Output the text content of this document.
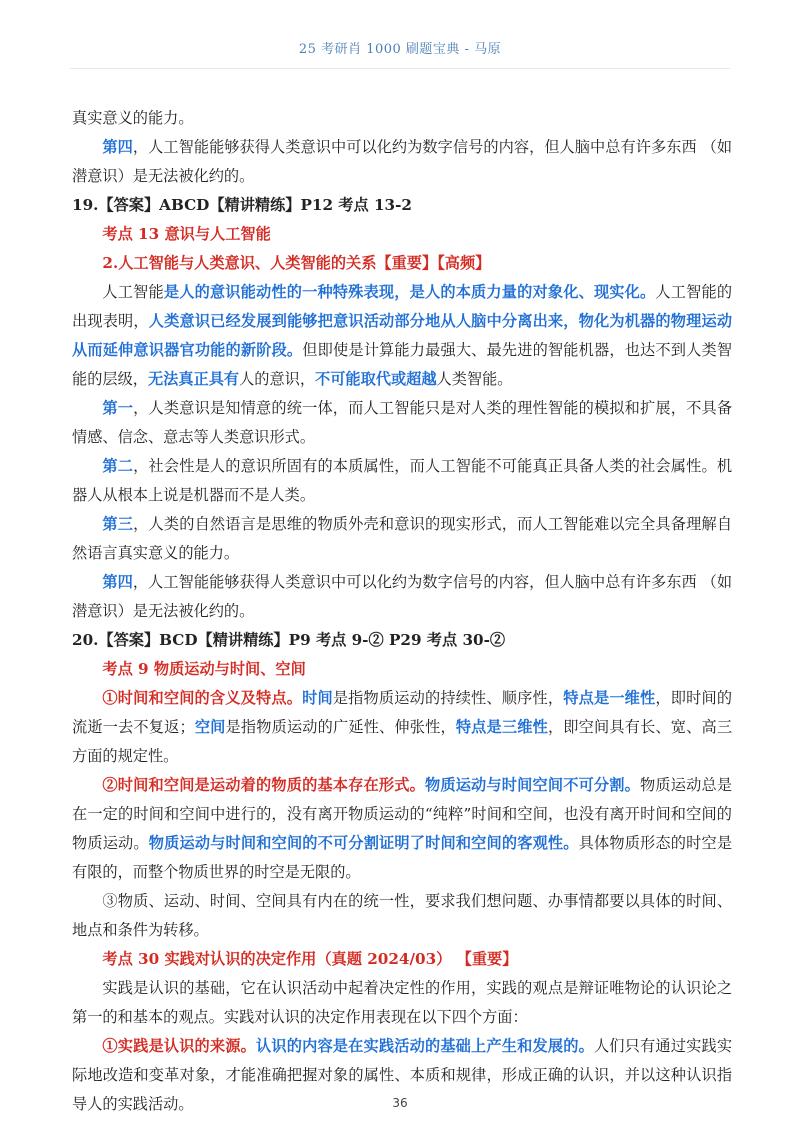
25 考研肖 1000 刷题宝典 - 马原

真实意义的能力。

第四，人工智能能够获得人类意识中可以化约为数字信号的内容，但人脑中总有许多东西 （如潜意识）是无法被化约的。

19.【答案】ABCD【精讲精练】P12 考点 13-2

考点 13 意识与人工智能

2.人工智能与人类意识、人类智能的关系【重要】【高频】

人工智能是人的意识能动性的一种特殊表现，是人的本质力量的对象化、现实化。人工智能的出现表明，人类意识已经发展到能够把意识活动部分地从人脑中分离出来，物化为机器的物理运动从而延伸意识器官功能的新阶段。但即使是计算能力最强大、最先进的智能机器，也达不到人类智能的层级，无法真正具有人的意识，不可能取代或超越人类智能。

第一，人类意识是知情意的统一体，而人工智能只是对人类的理性智能的模拟和扩展，不具备情感、信念、意志等人类意识形式。

第二，社会性是人的意识所固有的本质属性，而人工智能不可能真正具备人类的社会属性。机器人从根本上说是机器而不是人类。

第三，人类的自然语言是思维的物质外壳和意识的现实形式，而人工智能难以完全具备理解自然语言真实意义的能力。

第四，人工智能能够获得人类意识中可以化约为数字信号的内容，但人脑中总有许多东西 （如潜意识）是无法被化约的。

20.【答案】BCD【精讲精练】P9 考点 9-② P29 考点 30-②

考点 9 物质运动与时间、空间

①时间和空间的含义及特点。时间是指物质运动的持续性、顺序性，特点是一维性，即时间的流逝一去不复返；空间是指物质运动的广延性、伸张性，特点是三维性，即空间具有长、宽、高三方面的规定性。

②时间和空间是运动着的物质的基本存在形式。物质运动与时间空间不可分割。物质运动总是在一定的时间和空间中进行的，没有离开物质运动的“纯粹”时间和空间，也没有离开时间和空间的物质运动。物质运动与时间和空间的不可分割证明了时间和空间的客观性。具体物质形态的时空是有限的，而整个物质世界的时空是无限的。

③物质、运动、时间、空间具有内在的统一性，要求我们想问题、办事情都要以具体的时间、地点和条件为转移。

考点 30 实践对认识的决定作用（真题 2024/03） 【重要】

实践是认识的基础，它在认识活动中起着决定性的作用，实践的观点是辩证唯物论的认识论之第一的和基本的观点。实践对认识的决定作用表现在以下四个方面：

①实践是认识的来源。认识的内容是在实践活动的基础上产生和发展的。人们只有通过实践实际地改造和变革对象，才能准确把握对象的属性、本质和规律，形成正确的认识，并以这种认识指导人的实践活动。	36
